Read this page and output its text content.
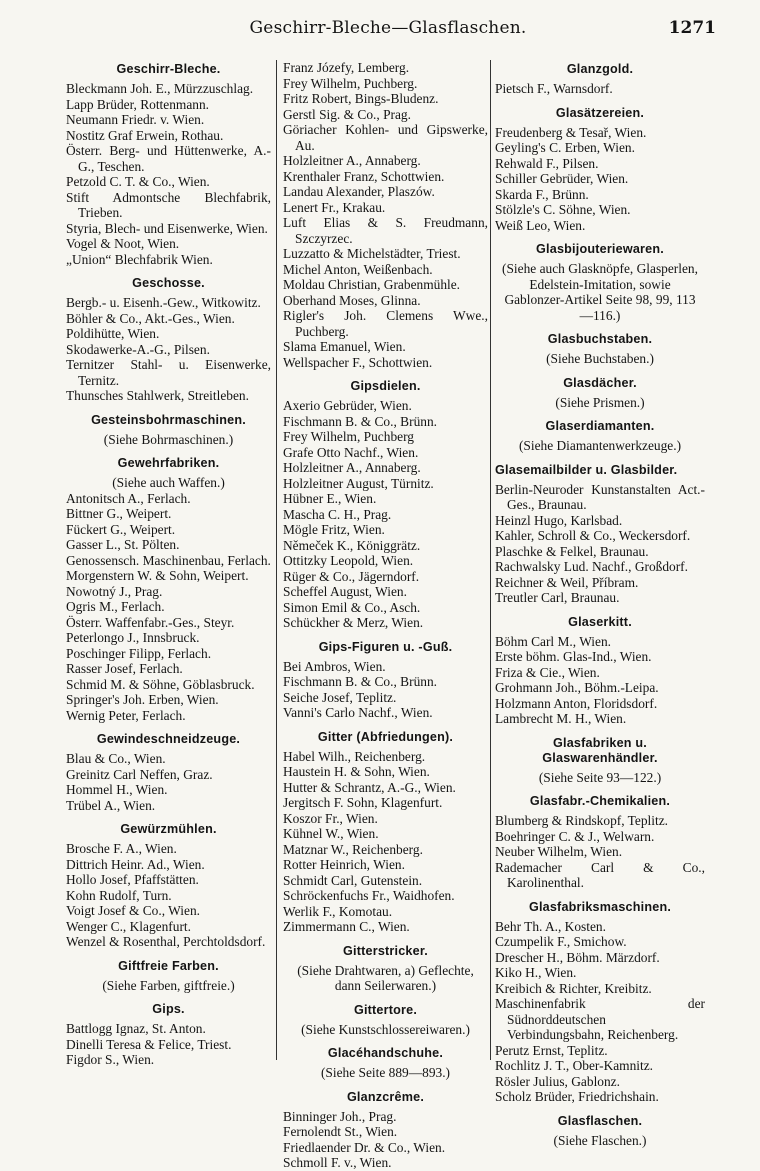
Geschirr-Bleche—Glasflaschen.	1271
Geschirr-Bleche.

Bleckmann Joh. E., Mürzzuschlag.

Lapp Brüder, Rottenmann.

Neumann Friedr. v. Wien.

Nostitz Graf Erwein, Rothau.

Österr. Berg- und Hüttenwerke, A.-G., Teschen.

Petzold C. T. & Co., Wien.

Stift Admontsche Blechfabrik, Trieben.

Styria, Blech- und Eisenwerke, Wien.

Vogel & Noot, Wien.

„Union“ Blechfabrik Wien.

Geschosse.

Bergb.- u. Eisenh.-Gew., Witkowitz.

Böhler & Co., Akt.-Ges., Wien.

Poldihütte, Wien.

Skodawerke-A.-G., Pilsen.

Ternitzer Stahl- u. Eisenwerke, Ternitz.

Thunsches Stahlwerk, Streitleben.

Gesteinsbohrmaschinen.

(Siehe Bohrmaschinen.)

Gewehrfabriken.

(Siehe auch Waffen.)

Antonitsch A., Ferlach.

Bittner G., Weipert.

Fückert G., Weipert.

Gasser L., St. Pölten.

Genossensch. Maschinenbau, Ferlach.

Morgenstern W. & Sohn, Weipert.

Nowotný J., Prag.

Ogris M., Ferlach.

Österr. Waffenfabr.-Ges., Steyr.

Peterlongo J., Innsbruck.

Poschinger Filipp, Ferlach.

Rasser Josef, Ferlach.

Schmid M. & Söhne, Göblasbruck.

Springer's Joh. Erben, Wien.

Wernig Peter, Ferlach.

Gewindeschneidzeuge.

Blau & Co., Wien.

Greinitz Carl Neffen, Graz.

Hommel H., Wien.

Trübel A., Wien.

Gewürzmühlen.

Brosche F. A., Wien.

Dittrich Heinr. Ad., Wien.

Hollo Josef, Pfaffstätten.

Kohn Rudolf, Turn.

Voigt Josef & Co., Wien.

Wenger C., Klagenfurt.

Wenzel & Rosenthal, Perchtoldsdorf.

Giftfreie Farben.

(Siehe Farben, giftfreie.)

Gips.

Battlogg Ignaz, St. Anton.

Dinelli Teresa & Felice, Triest.

Figdor S., Wien.

Franz Józefy, Lemberg.

Frey Wilhelm, Puchberg.

Fritz Robert, Bings-Bludenz.

Gerstl Sig. & Co., Prag.

Göriacher Kohlen- und Gipswerke, Au.

Holzleitner A., Annaberg.

Krenthaler Franz, Schottwien.

Landau Alexander, Plaszów.

Lenert Fr., Krakau.

Luft Elias & S. Freudmann, Szczyrzec.

Luzzatto & Michelstädter, Triest.

Michel Anton, Weißenbach.

Moldau Christian, Grabenmühle.

Oberhand Moses, Glinna.

Rigler's Joh. Clemens Wwe., Puchberg.

Slama Emanuel, Wien.

Wellspacher F., Schottwien.

Gipsdielen.

Axerio Gebrüder, Wien.

Fischmann B. & Co., Brünn.

Frey Wilhelm, Puchberg

Grafe Otto Nachf., Wien.

Holzleitner A., Annaberg.

Holzleitner August, Türnitz.

Hübner E., Wien.

Mascha C. H., Prag.

Mögle Fritz, Wien.

Němeček K., Königgrätz.

Ottitzky Leopold, Wien.

Rüger & Co., Jägerndorf.

Scheffel August, Wien.

Simon Emil & Co., Asch.

Schückher & Merz, Wien.

Gips-Figuren u. -Guß.

Bei Ambros, Wien.

Fischmann B. & Co., Brünn.

Seiche Josef, Teplitz.

Vanni's Carlo Nachf., Wien.

Gitter (Abfriedungen).

Habel Wilh., Reichenberg.

Haustein H. & Sohn, Wien.

Hutter & Schrantz, A.-G., Wien.

Jergitsch F. Sohn, Klagenfurt.

Koszor Fr., Wien.

Kühnel W., Wien.

Matznar W., Reichenberg.

Rotter Heinrich, Wien.

Schmidt Carl, Gutenstein.

Schröckenfuchs Fr., Waidhofen.

Werlik F., Komotau.

Zimmermann C., Wien.

Gitterstricker.

(Siehe Drahtwaren, a) Geflechte, dann Seilerwaren.)

Gittertore.

(Siehe Kunstschlossereiwaren.)

Glacéhandschuhe.

(Siehe Seite 889—893.)

Glanzcrême.

Binninger Joh., Prag.

Fernolendt St., Wien.

Friedlaender Dr. & Co., Wien.

Schmoll F. v., Wien.

Glanzgold.

Pietsch F., Warnsdorf.

Glasätzereien.

Freudenberg & Tesař, Wien.

Geyling's C. Erben, Wien.

Rehwald F., Pilsen.

Schiller Gebrüder, Wien.

Skarda F., Brünn.

Stölzle's C. Söhne, Wien.

Weiß Leo, Wien.

Glasbijouteriewaren.

(Siehe auch Glasknöpfe, Glasperlen, Edelstein-Imitation, sowie Gablonzer-Artikel Seite 98, 99, 113—116.)

Glasbuchstaben.

(Siehe Buchstaben.)

Glasdächer.

(Siehe Prismen.)

Glaserdiamanten.

(Siehe Diamantenwerkzeuge.)

Glasemailbilder u. Glasbilder.

Berlin-Neuroder Kunstanstalten Act.-Ges., Braunau.

Heinzl Hugo, Karlsbad.

Kahler, Schroll & Co., Weckersdorf.

Plaschke & Felkel, Braunau.

Rachwalsky Lud. Nachf., Großdorf.

Reichner & Weil, Příbram.

Treutler Carl, Braunau.

Glaserkitt.

Böhm Carl M., Wien.

Erste böhm. Glas-Ind., Wien.

Friza & Cie., Wien.

Grohmann Joh., Böhm.-Leipa.

Holzmann Anton, Floridsdorf.

Lambrecht M. H., Wien.

Glasfabriken u. Glaswarenhändler.

(Siehe Seite 93—122.)

Glasfabr.-Chemikalien.

Blumberg & Rindskopf, Teplitz.

Boehringer C. & J., Welwarn.

Neuber Wilhelm, Wien.

Rademacher Carl & Co., Karolinenthal.

Glasfabriksmaschinen.

Behr Th. A., Kosten.

Czumpelik F., Smichow.

Drescher H., Böhm. Märzdorf.

Kiko H., Wien.

Kreibich & Richter, Kreibitz.

Maschinenfabrik der Südnorddeutschen Verbindungsbahn, Reichenberg.

Perutz Ernst, Teplitz.

Rochlitz J. T., Ober-Kamnitz.

Rösler Julius, Gablonz.

Scholz Brüder, Friedrichshain.

Glasflaschen.

(Siehe Flaschen.)
